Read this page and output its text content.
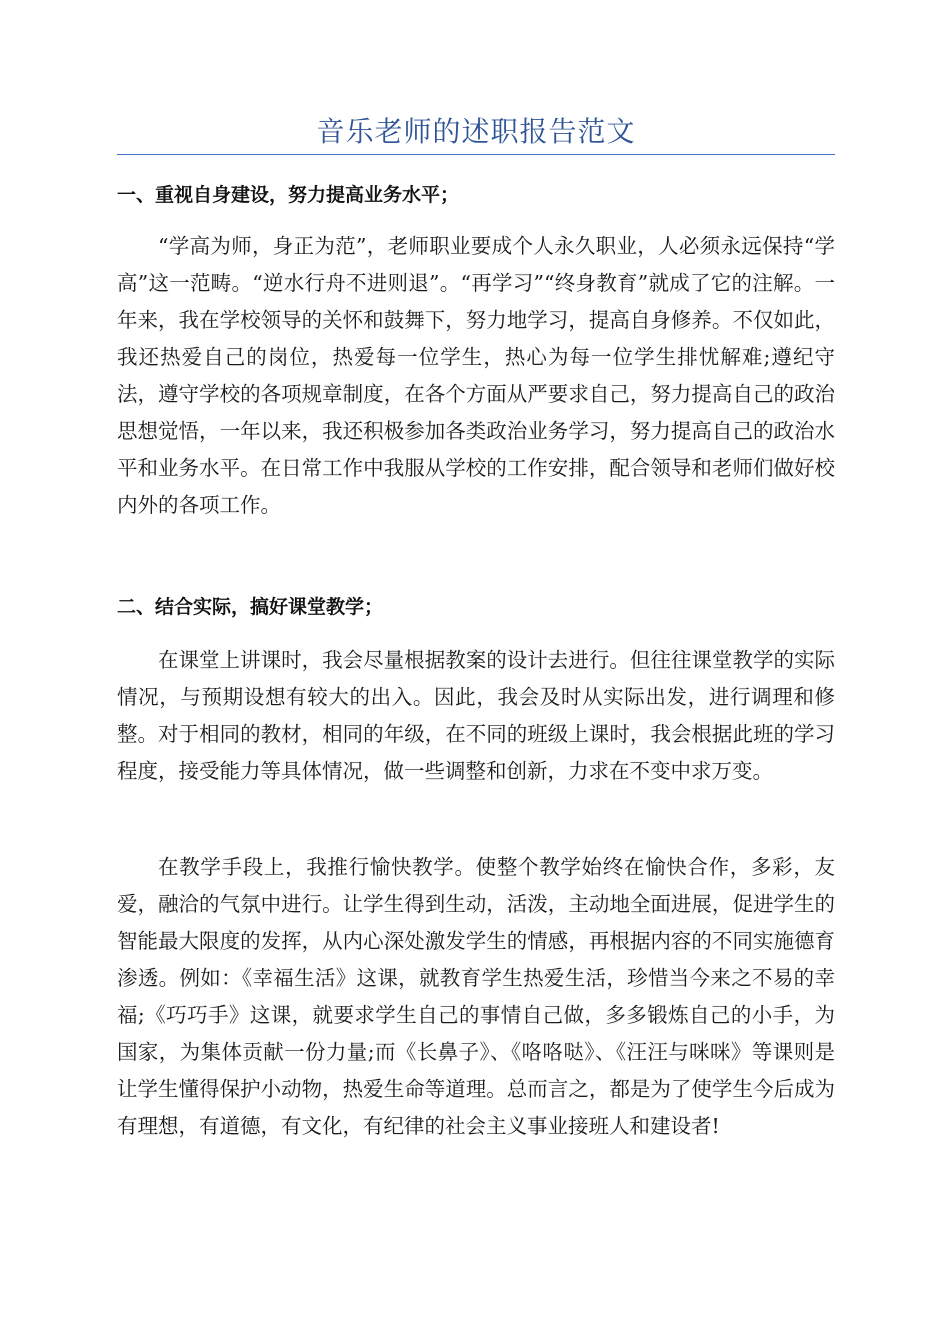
音乐老师的述职报告范文
一、重视自身建设，努力提高业务水平；

“学高为师，身正为范”，老师职业要成个人永久职业，人必须永远保持“学高”这一范畴。“逆水行舟不进则退”。“再学习”“终身教育”就成了它的注解。一年来，我在学校领导的关怀和鼓舞下，努力地学习，提高自身修养。不仅如此，我还热爱自己的岗位，热爱每一位学生，热心为每一位学生排忧解难;遵纪守法，遵守学校的各项规章制度，在各个方面从严要求自己，努力提高自己的政治思想觉悟，一年以来，我还积极参加各类政治业务学习，努力提高自己的政治水平和业务水平。在日常工作中我服从学校的工作安排，配合领导和老师们做好校内外的各项工作。

二、结合实际，搞好课堂教学；

在课堂上讲课时，我会尽量根据教案的设计去进行。但往往课堂教学的实际情况，与预期设想有较大的出入。因此，我会及时从实际出发，进行调理和修整。对于相同的教材，相同的年级，在不同的班级上课时，我会根据此班的学习程度，接受能力等具体情况，做一些调整和创新，力求在不变中求万变。

在教学手段上，我推行愉快教学。使整个教学始终在愉快合作，多彩，友爱，融洽的气氛中进行。让学生得到生动，活泼，主动地全面进展，促进学生的智能最大限度的发挥，从内心深处激发学生的情感，再根据内容的不同实施德育渗透。例如：《幸福生活》这课，就教育学生热爱生活，珍惜当今来之不易的幸福;《巧巧手》这课，就要求学生自己的事情自己做，多多锻炼自己的小手，为国家，为集体贡献一份力量;而《长鼻子》、《咯咯哒》、《汪汪与咪咪》等课则是让学生懂得保护小动物，热爱生命等道理。总而言之，都是为了使学生今后成为有理想，有道德，有文化，有纪律的社会主义事业接班人和建设者!
